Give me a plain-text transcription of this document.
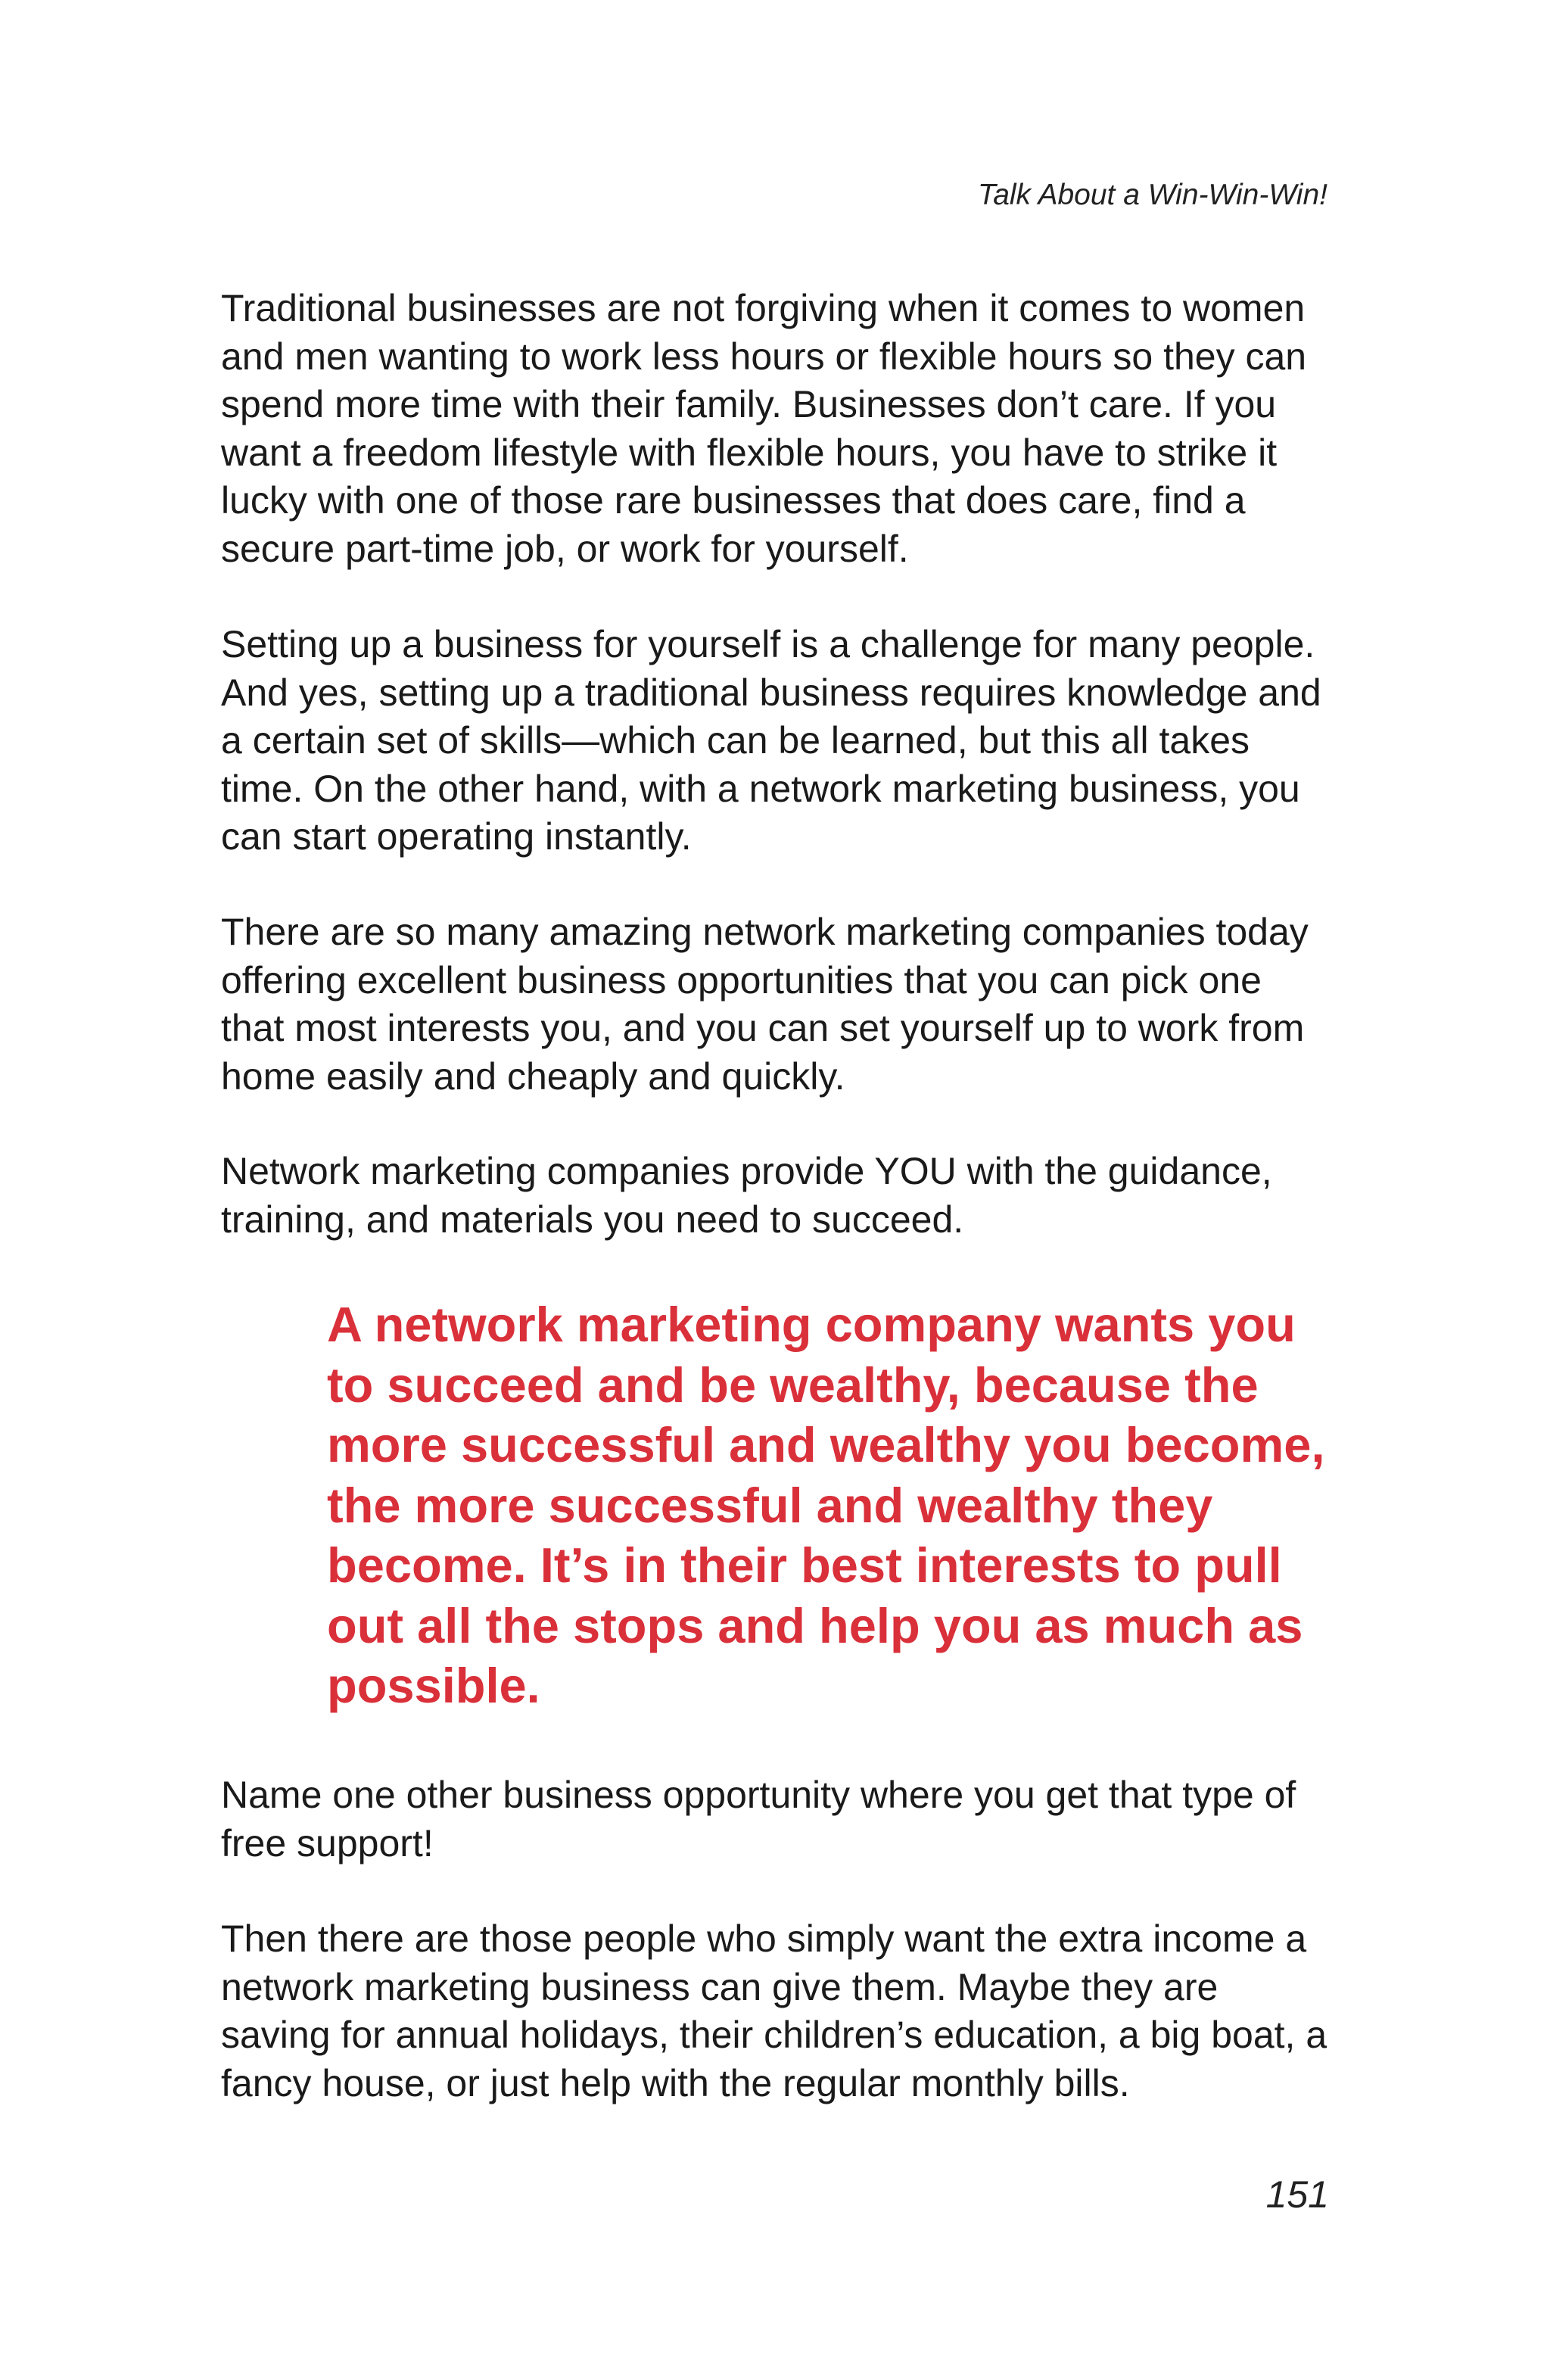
Talk About a Win-Win-Win!

Traditional businesses are not forgiving when it comes to women and men wanting to work less hours or flexible hours so they can spend more time with their family. Businesses don’t care. If you want a freedom lifestyle with flexible hours, you have to strike it lucky with one of those rare businesses that does care, find a secure part-time job, or work for yourself.

Setting up a business for yourself is a challenge for many people. And yes, setting up a traditional business requires knowledge and a certain set of skills—which can be learned, but this all takes time. On the other hand, with a network marketing business, you can start operating instantly.

There are so many amazing network marketing companies today offering excellent business opportunities that you can pick one that most interests you, and you can set yourself up to work from home easily and cheaply and quickly.

Network marketing companies provide YOU with the guidance, training, and materials you need to succeed.

A network marketing company wants you to succeed and be wealthy, because the more successful and wealthy you become, the more successful and wealthy they become. It’s in their best interests to pull out all the stops and help you as much as possible.

Name one other business opportunity where you get that type of free support!

Then there are those people who simply want the extra income a network marketing business can give them. Maybe they are saving for annual holidays, their children’s education, a big boat, a fancy house, or just help with the regular monthly bills.

151
